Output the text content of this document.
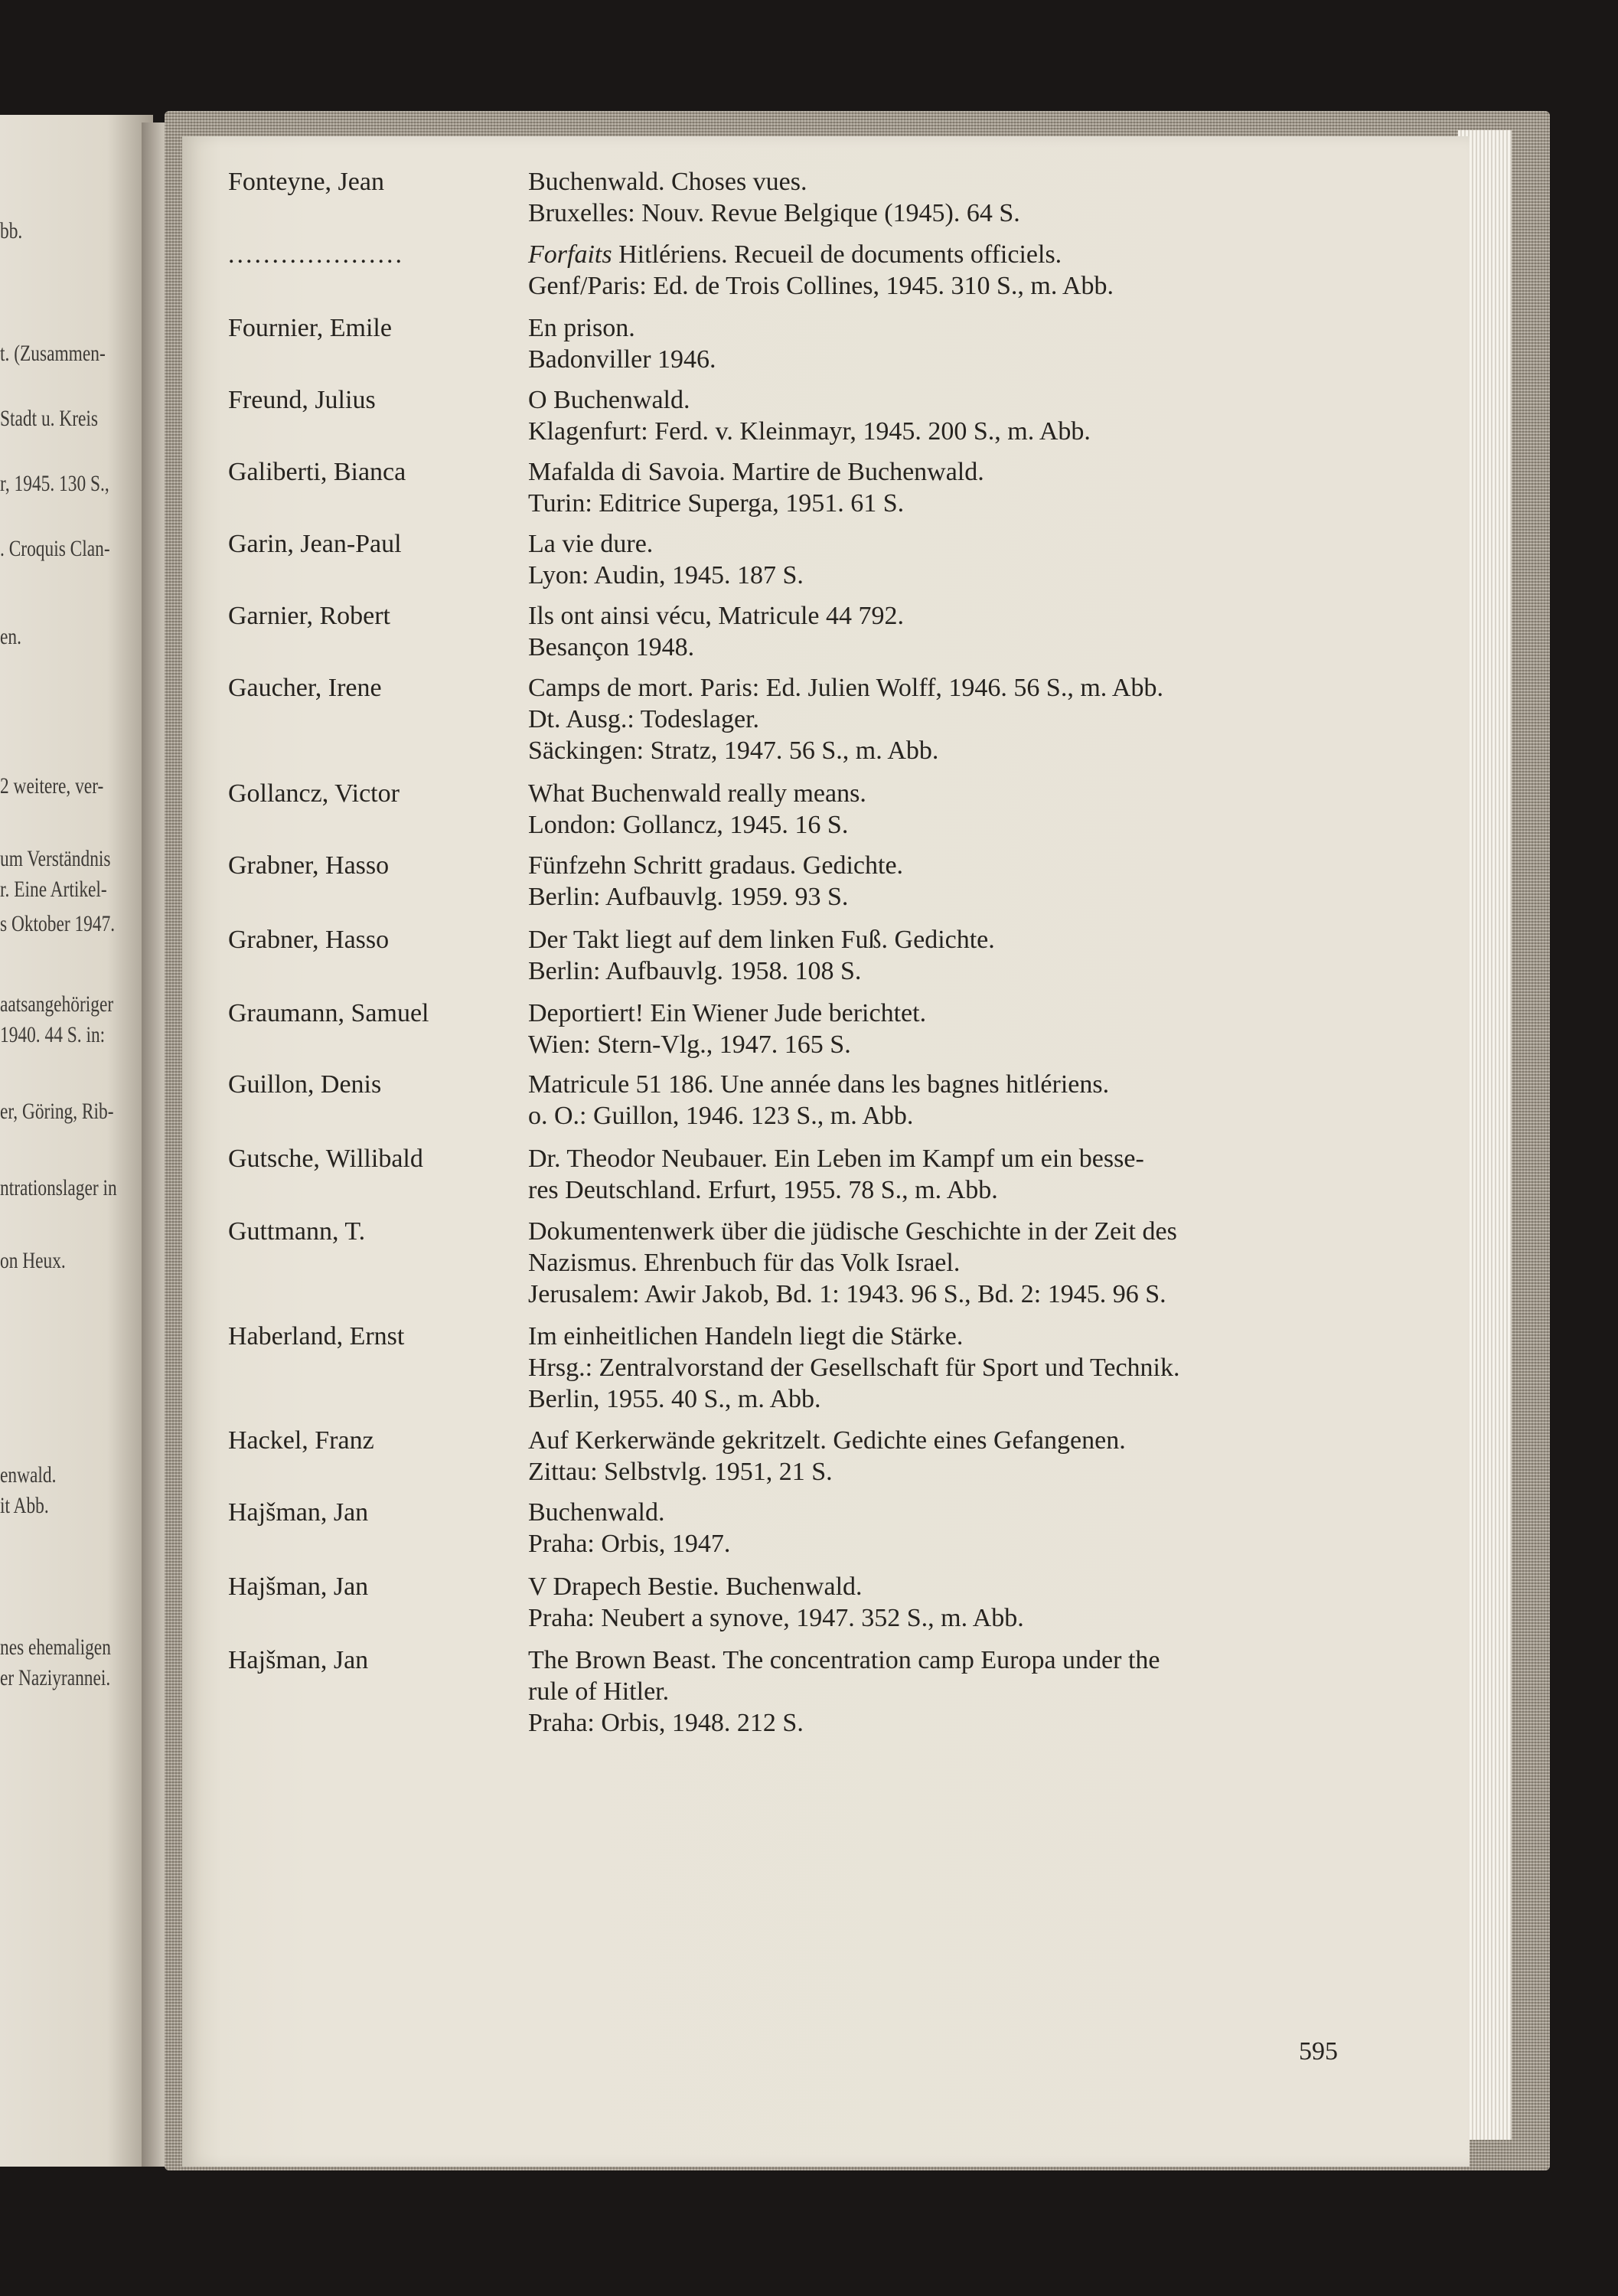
bb.
t. (Zusammen-
Stadt u. Kreis
r, 1945. 130 S.,
. Croquis Clan-
en.
2 weitere, ver-
um Verständnis
r. Eine Artikel-
s Oktober 1947.
aatsangehöriger
1940. 44 S. in:
er, Göring, Rib-
ntrationslager in
on Heux.
enwald.
it Abb.
nes ehemaligen
er Naziyrannei.
Fonteyne, Jean	Buchenwald. Choses vues.
Bruxelles: Nouv. Revue Belgique (1945). 64 S.
....................	Forfaits Hitlériens. Recueil de documents officiels.
Genf/Paris: Ed. de Trois Collines, 1945. 310 S., m. Abb.
Fournier, Emile	En prison.
Badonviller 1946.
Freund, Julius	O Buchenwald.
Klagenfurt: Ferd. v. Kleinmayr, 1945. 200 S., m. Abb.
Galiberti, Bianca	Mafalda di Savoia. Martire de Buchenwald.
Turin: Editrice Superga, 1951. 61 S.
Garin, Jean-Paul	La vie dure.
Lyon: Audin, 1945. 187 S.
Garnier, Robert	Ils ont ainsi vécu, Matricule 44 792.
Besançon 1948.
Gaucher, Irene	Camps de mort. Paris: Ed. Julien Wolff, 1946. 56 S., m. Abb.
Dt. Ausg.: Todeslager.
Säckingen: Stratz, 1947. 56 S., m. Abb.
Gollancz, Victor	What Buchenwald really means.
London: Gollancz, 1945. 16 S.
Grabner, Hasso	Fünfzehn Schritt gradaus. Gedichte.
Berlin: Aufbauvlg. 1959. 93 S.
Grabner, Hasso	Der Takt liegt auf dem linken Fuß. Gedichte.
Berlin: Aufbauvlg. 1958. 108 S.
Graumann, Samuel	Deportiert! Ein Wiener Jude berichtet.
Wien: Stern-Vlg., 1947. 165 S.
Guillon, Denis	Matricule 51 186. Une année dans les bagnes hitlériens.
o. O.: Guillon, 1946. 123 S., m. Abb.
Gutsche, Willibald	Dr. Theodor Neubauer. Ein Leben im Kampf um ein besse-
res Deutschland. Erfurt, 1955. 78 S., m. Abb.
Guttmann, T.	Dokumentenwerk über die jüdische Geschichte in der Zeit des
Nazismus. Ehrenbuch für das Volk Israel.
Jerusalem: Awir Jakob, Bd. 1: 1943. 96 S., Bd. 2: 1945. 96 S.
Haberland, Ernst	Im einheitlichen Handeln liegt die Stärke.
Hrsg.: Zentralvorstand der Gesellschaft für Sport und Technik.
Berlin, 1955. 40 S., m. Abb.
Hackel, Franz	Auf Kerkerwände gekritzelt. Gedichte eines Gefangenen.
Zittau: Selbstvlg. 1951, 21 S.
Hajšman, Jan	Buchenwald.
Praha: Orbis, 1947.
Hajšman, Jan	V Drapech Bestie. Buchenwald.
Praha: Neubert a synove, 1947. 352 S., m. Abb.
Hajšman, Jan	The Brown Beast. The concentration camp Europa under the
rule of Hitler.
Praha: Orbis, 1948. 212 S.
595
